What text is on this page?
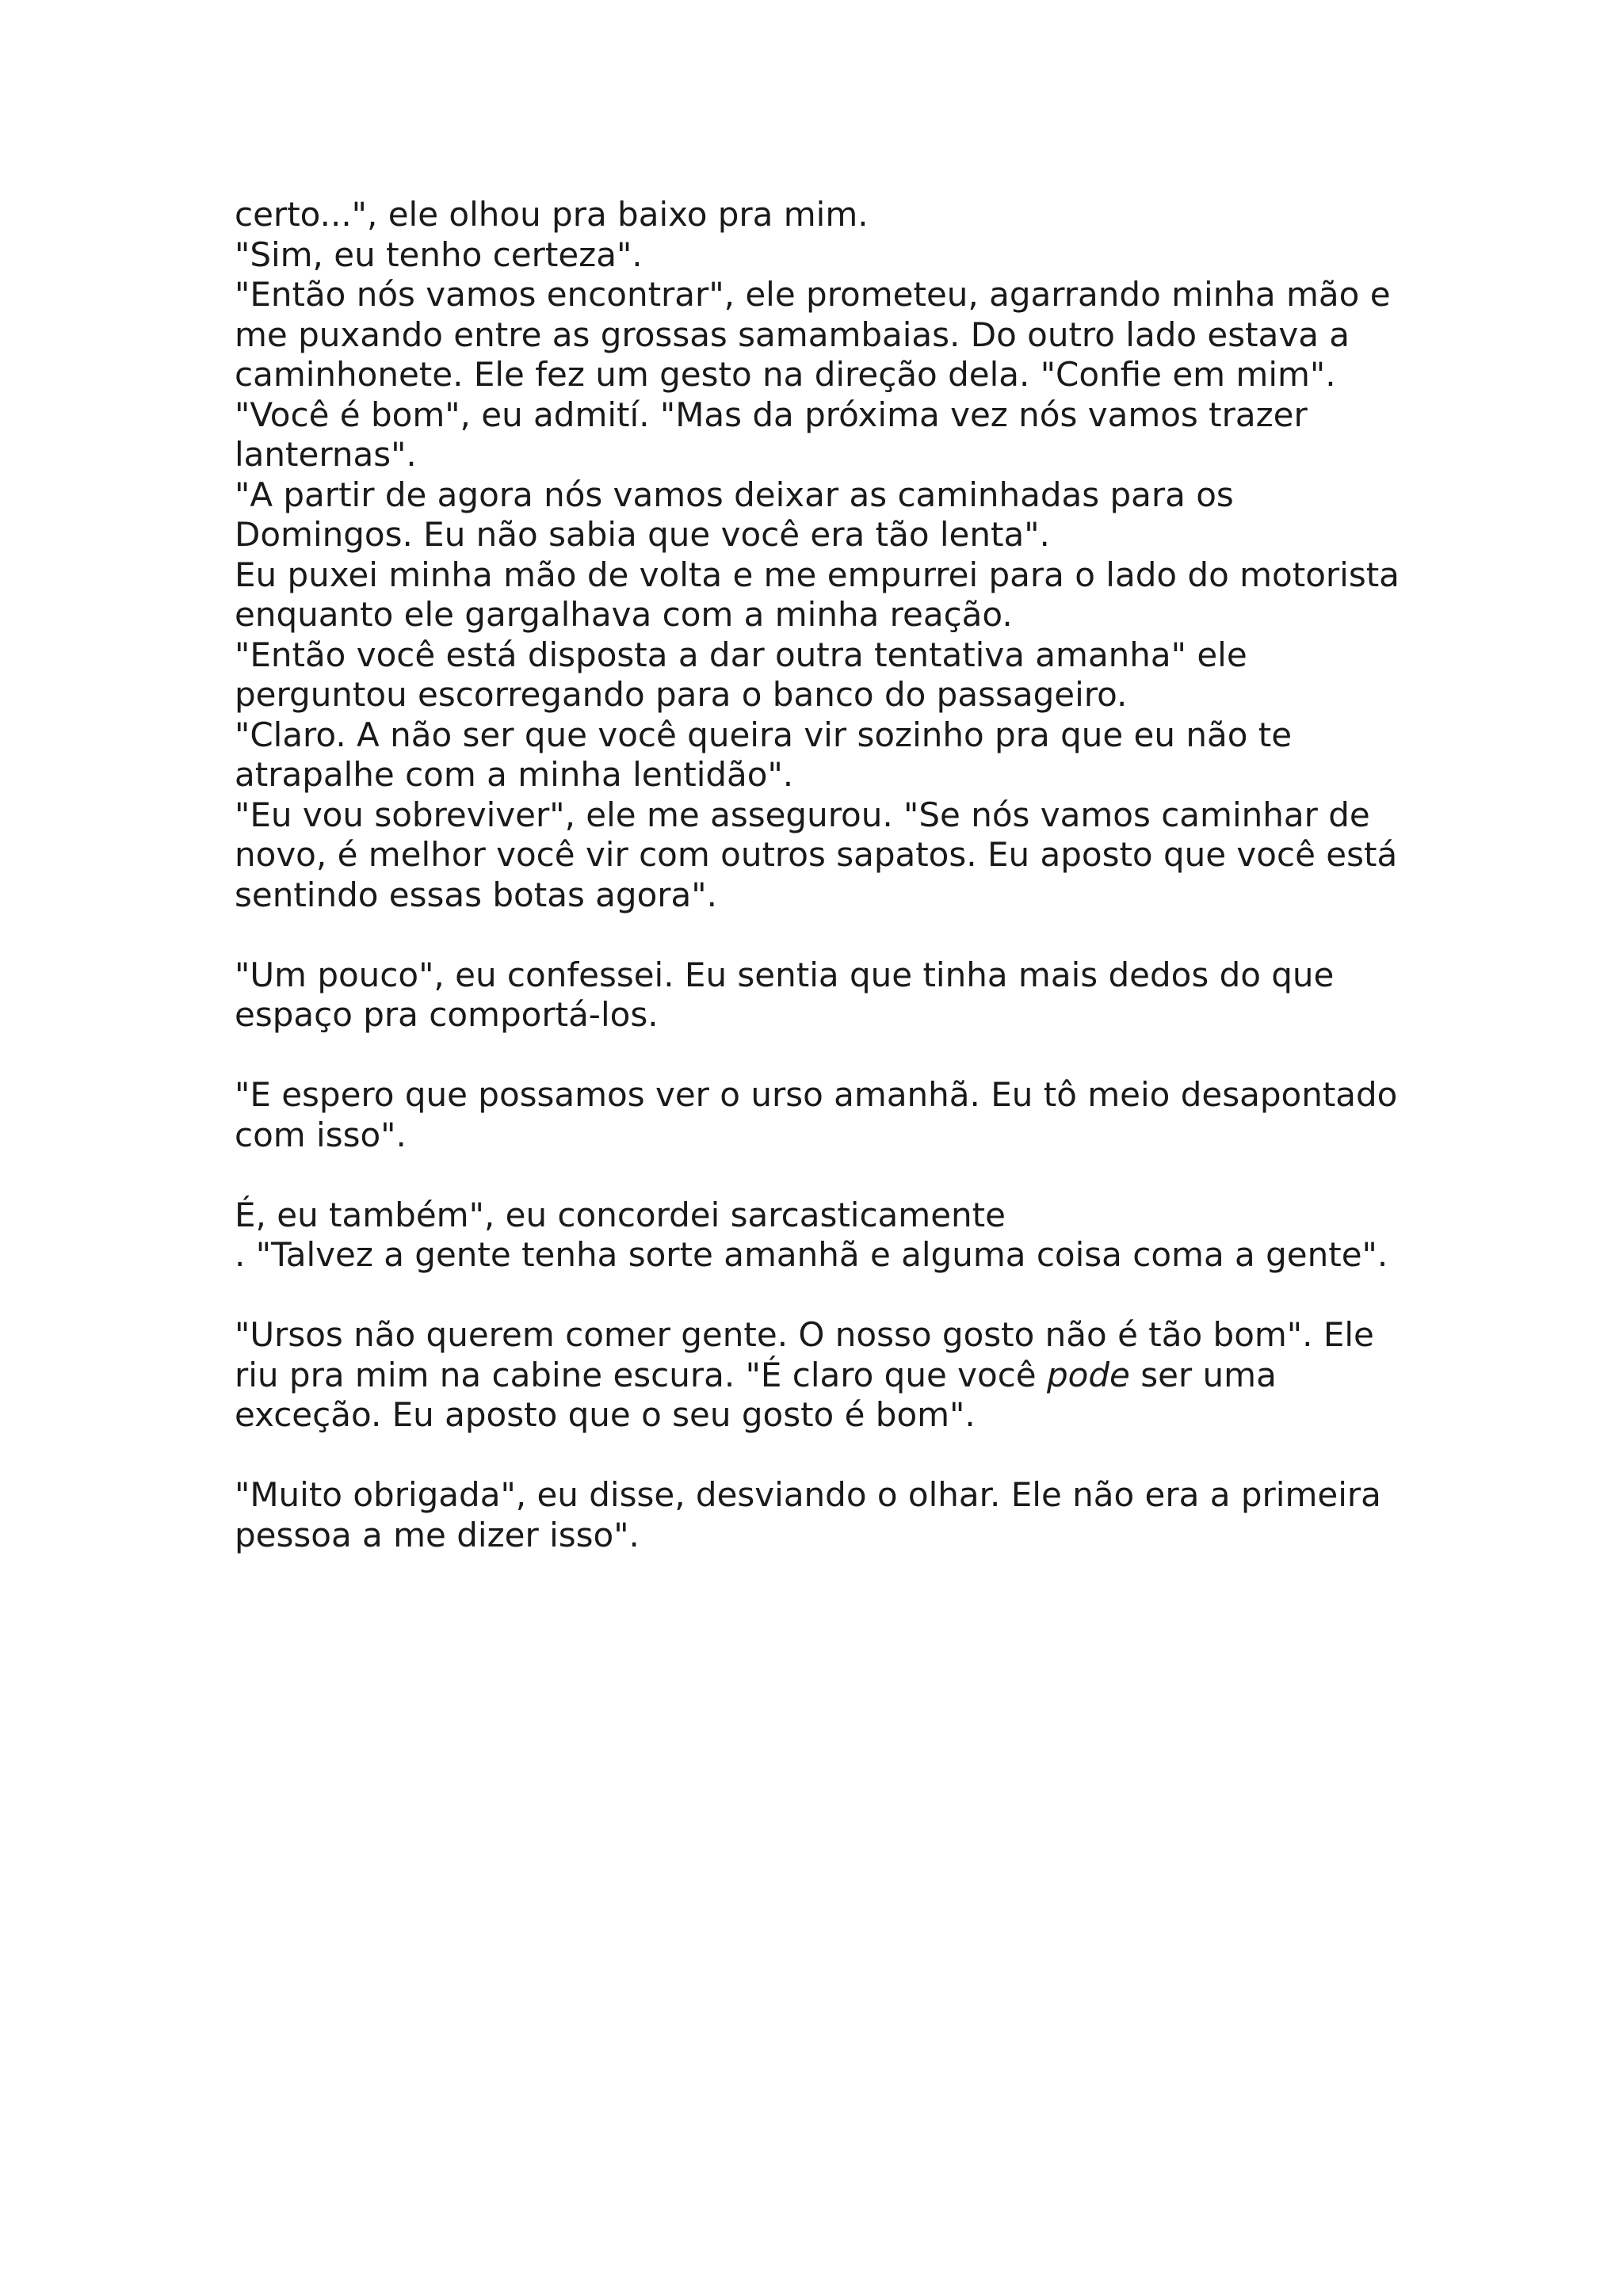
certo...", ele olhou pra baixo pra mim.
"Sim, eu tenho certeza".
"Então nós vamos encontrar", ele prometeu, agarrando minha mão e
me puxando entre as grossas samambaias. Do outro lado estava a
caminhonete. Ele fez um gesto na direção dela. "Confie em mim".
"Você é bom", eu admití. "Mas da próxima vez nós vamos trazer
lanternas".
"A partir de agora nós vamos deixar as caminhadas para os
Domingos. Eu não sabia que você era tão lenta".
Eu puxei minha mão de volta e me empurrei para o lado do motorista
enquanto ele gargalhava com a minha reação.
"Então você está disposta a dar outra tentativa amanha" ele
perguntou escorregando para o banco do passageiro.
"Claro. A não ser que você queira vir sozinho pra que eu não te
atrapalhe com a minha lentidão".
"Eu vou sobreviver", ele me assegurou. "Se nós vamos caminhar de
novo, é melhor você vir com outros sapatos. Eu aposto que você está
sentindo essas botas agora".
"Um pouco", eu confessei. Eu sentia que tinha mais dedos do que
espaço pra comportá-los.
"E espero que possamos ver o urso amanhã. Eu tô meio desapontado
com isso".
É, eu também", eu concordei sarcasticamente
. "Talvez a gente tenha sorte amanhã e alguma coisa coma a gente".
"Ursos não querem comer gente. O nosso gosto não é tão bom". Ele
riu pra mim na cabine escura. "É claro que você pode ser uma
exceção. Eu aposto que o seu gosto é bom".
"Muito obrigada", eu disse, desviando o olhar. Ele não era a primeira
pessoa a me dizer isso".
